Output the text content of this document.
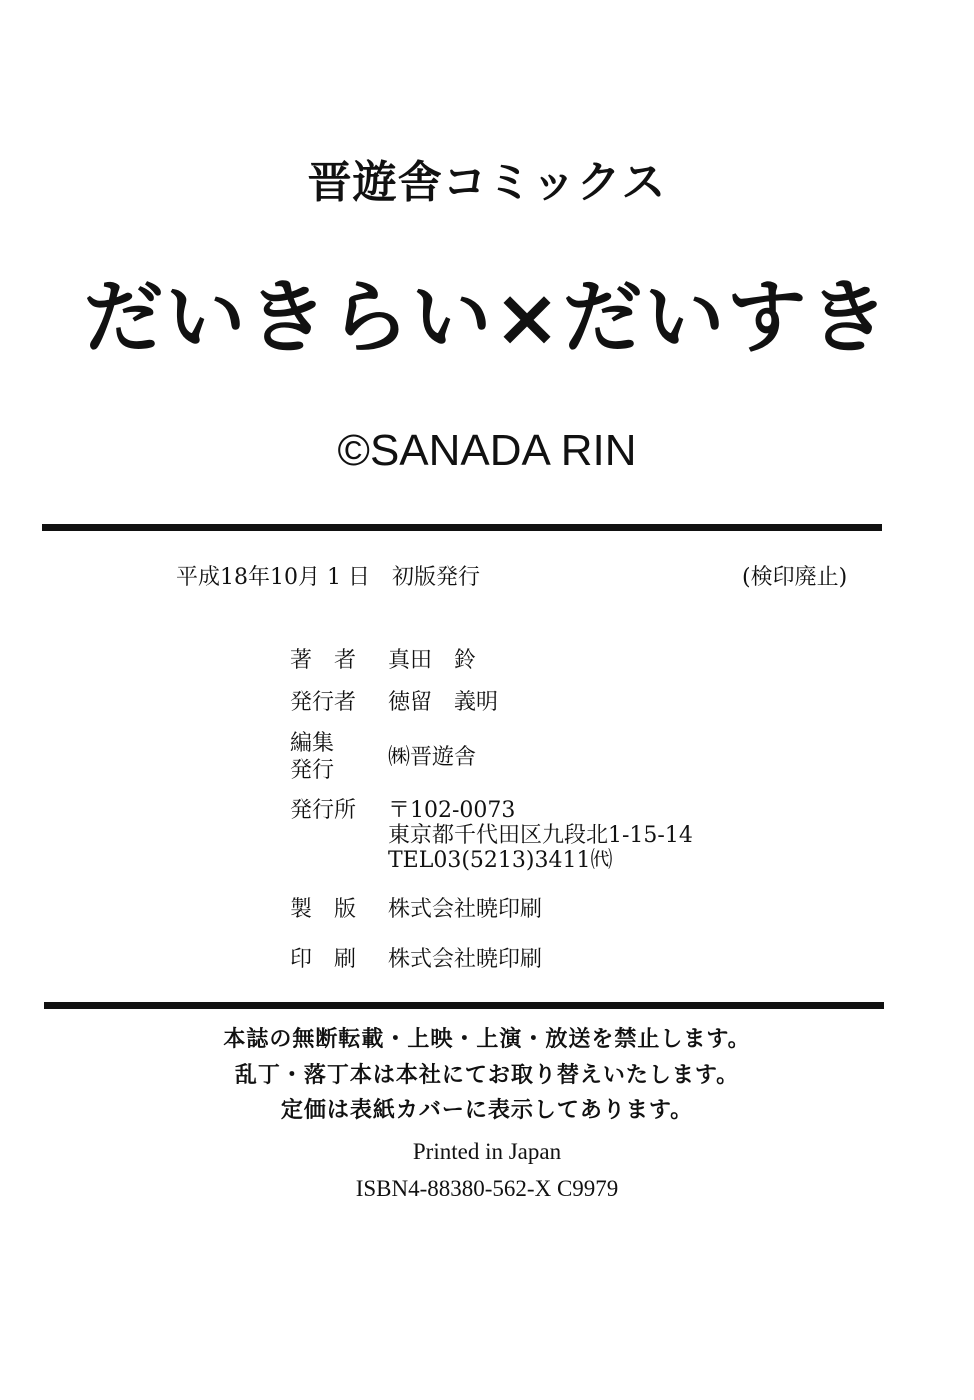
晋遊舎コミックス
だいきらい×だいすき
©SANADA RIN
平成18年10月 1 日　初版発行	(検印廃止)
著　者 真田　鈴
発行者 徳留　義明
編集
発行
㈱晋遊舎
発行所 〒102-0073
東京都千代田区九段北1-15-14
TEL03(5213)3411㈹
製　版 株式会社暁印刷
印　刷 株式会社暁印刷
本誌の無断転載・上映・上演・放送を禁止します。
乱丁・落丁本は本社にてお取り替えいたします。
定価は表紙カバーに表示してあります。
Printed in Japan
ISBN4-88380-562-X C9979
